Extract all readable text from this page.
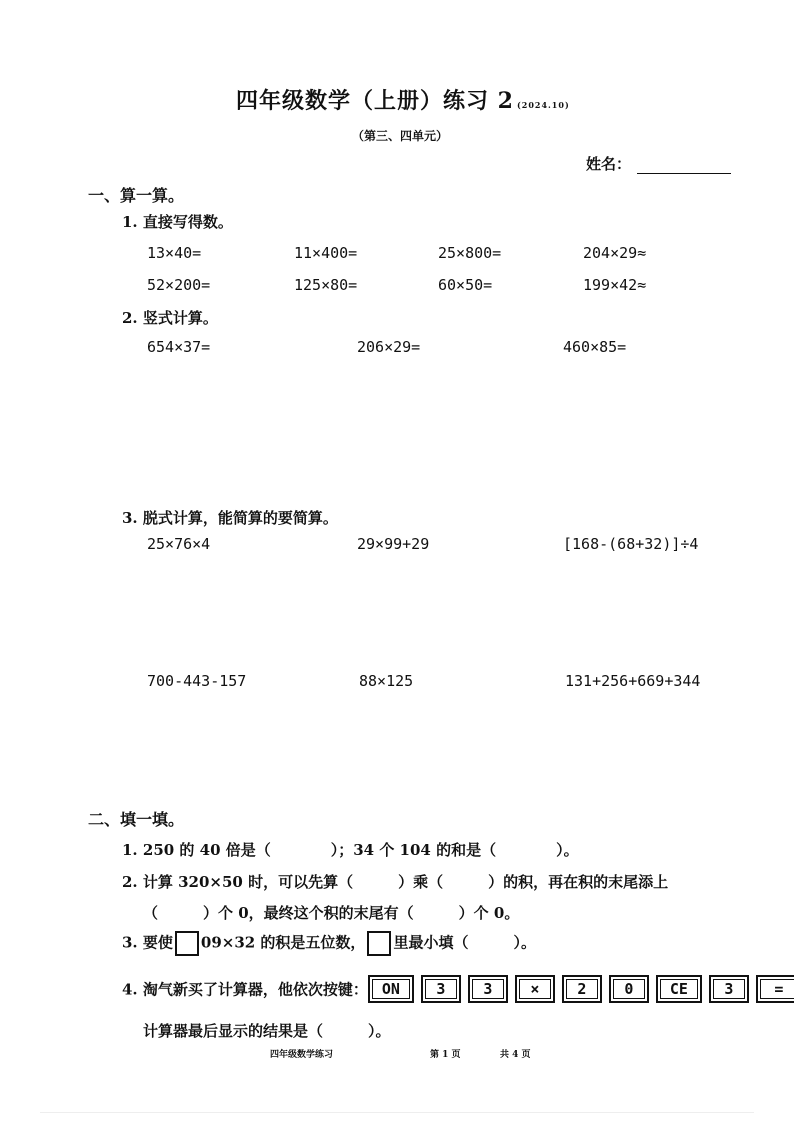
四年级数学（上册）练习 2 (2024.10)
（第三、四单元）
姓名：
一、算一算。
1. 直接写得数。
13×40=	11×400=	25×800=	204×29≈
52×200=	125×80=	60×50=	199×42≈
2. 竖式计算。
654×37=	206×29=	460×85=
3. 脱式计算，能简算的要简算。
25×76×4	29×99+29	[168-(68+32)]÷4
700-443-157	88×125	131+256+669+344
二、填一填。
1. 250 的 40 倍是（　　　　）；34 个 104 的和是（　　　　）。
2. 计算 320×50 时，可以先算（　　　）乘（　　　）的积，再在积的末尾添上
（　　　）个 0，最终这个积的末尾有（　　　）个 0。
3. 要使 09×32 的积是五位数， 里最小填（　　　）。
4. 淘气新买了计算器，他依次按键： ON	3	3	×	2	0	CE	3	=
计算器最后显示的结果是（　　　）。
四年级数学练习	第 1 页	共 4 页
